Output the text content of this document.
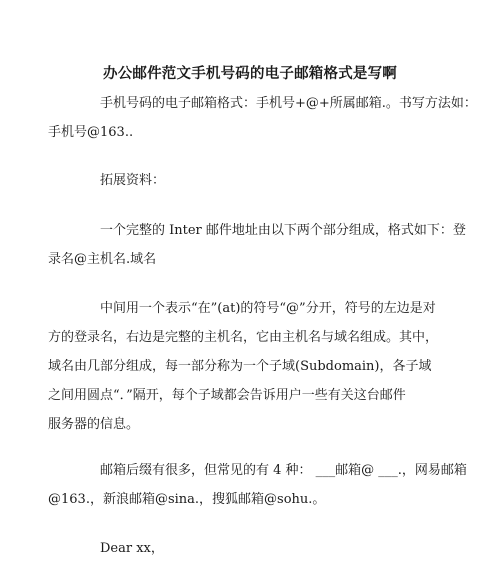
办公邮件范文手机号码的电子邮箱格式是写啊
手机号码的电子邮箱格式：手机号+@+所属邮箱.。书写方法如：
手机号@163..
拓展资料：
一个完整的 Inter 邮件地址由以下两个部分组成，格式如下：登
录名@主机名.域名
中间用一个表示“在”(at)的符号“@”分开，符号的左边是对
方的登录名，右边是完整的主机名，它由主机名与域名组成。其中，
域名由几部分组成，每一部分称为一个子域(Subdomain)，各子域
之间用圆点“．”隔开，每个子域都会告诉用户一些有关这台邮件
服务器的信息。
邮箱后缀有很多，但常见的有 4 种： ___邮箱@ ___.，网易邮箱
@163.，新浪邮箱@sina.，搜狐邮箱@sohu.。
Dear xx，
